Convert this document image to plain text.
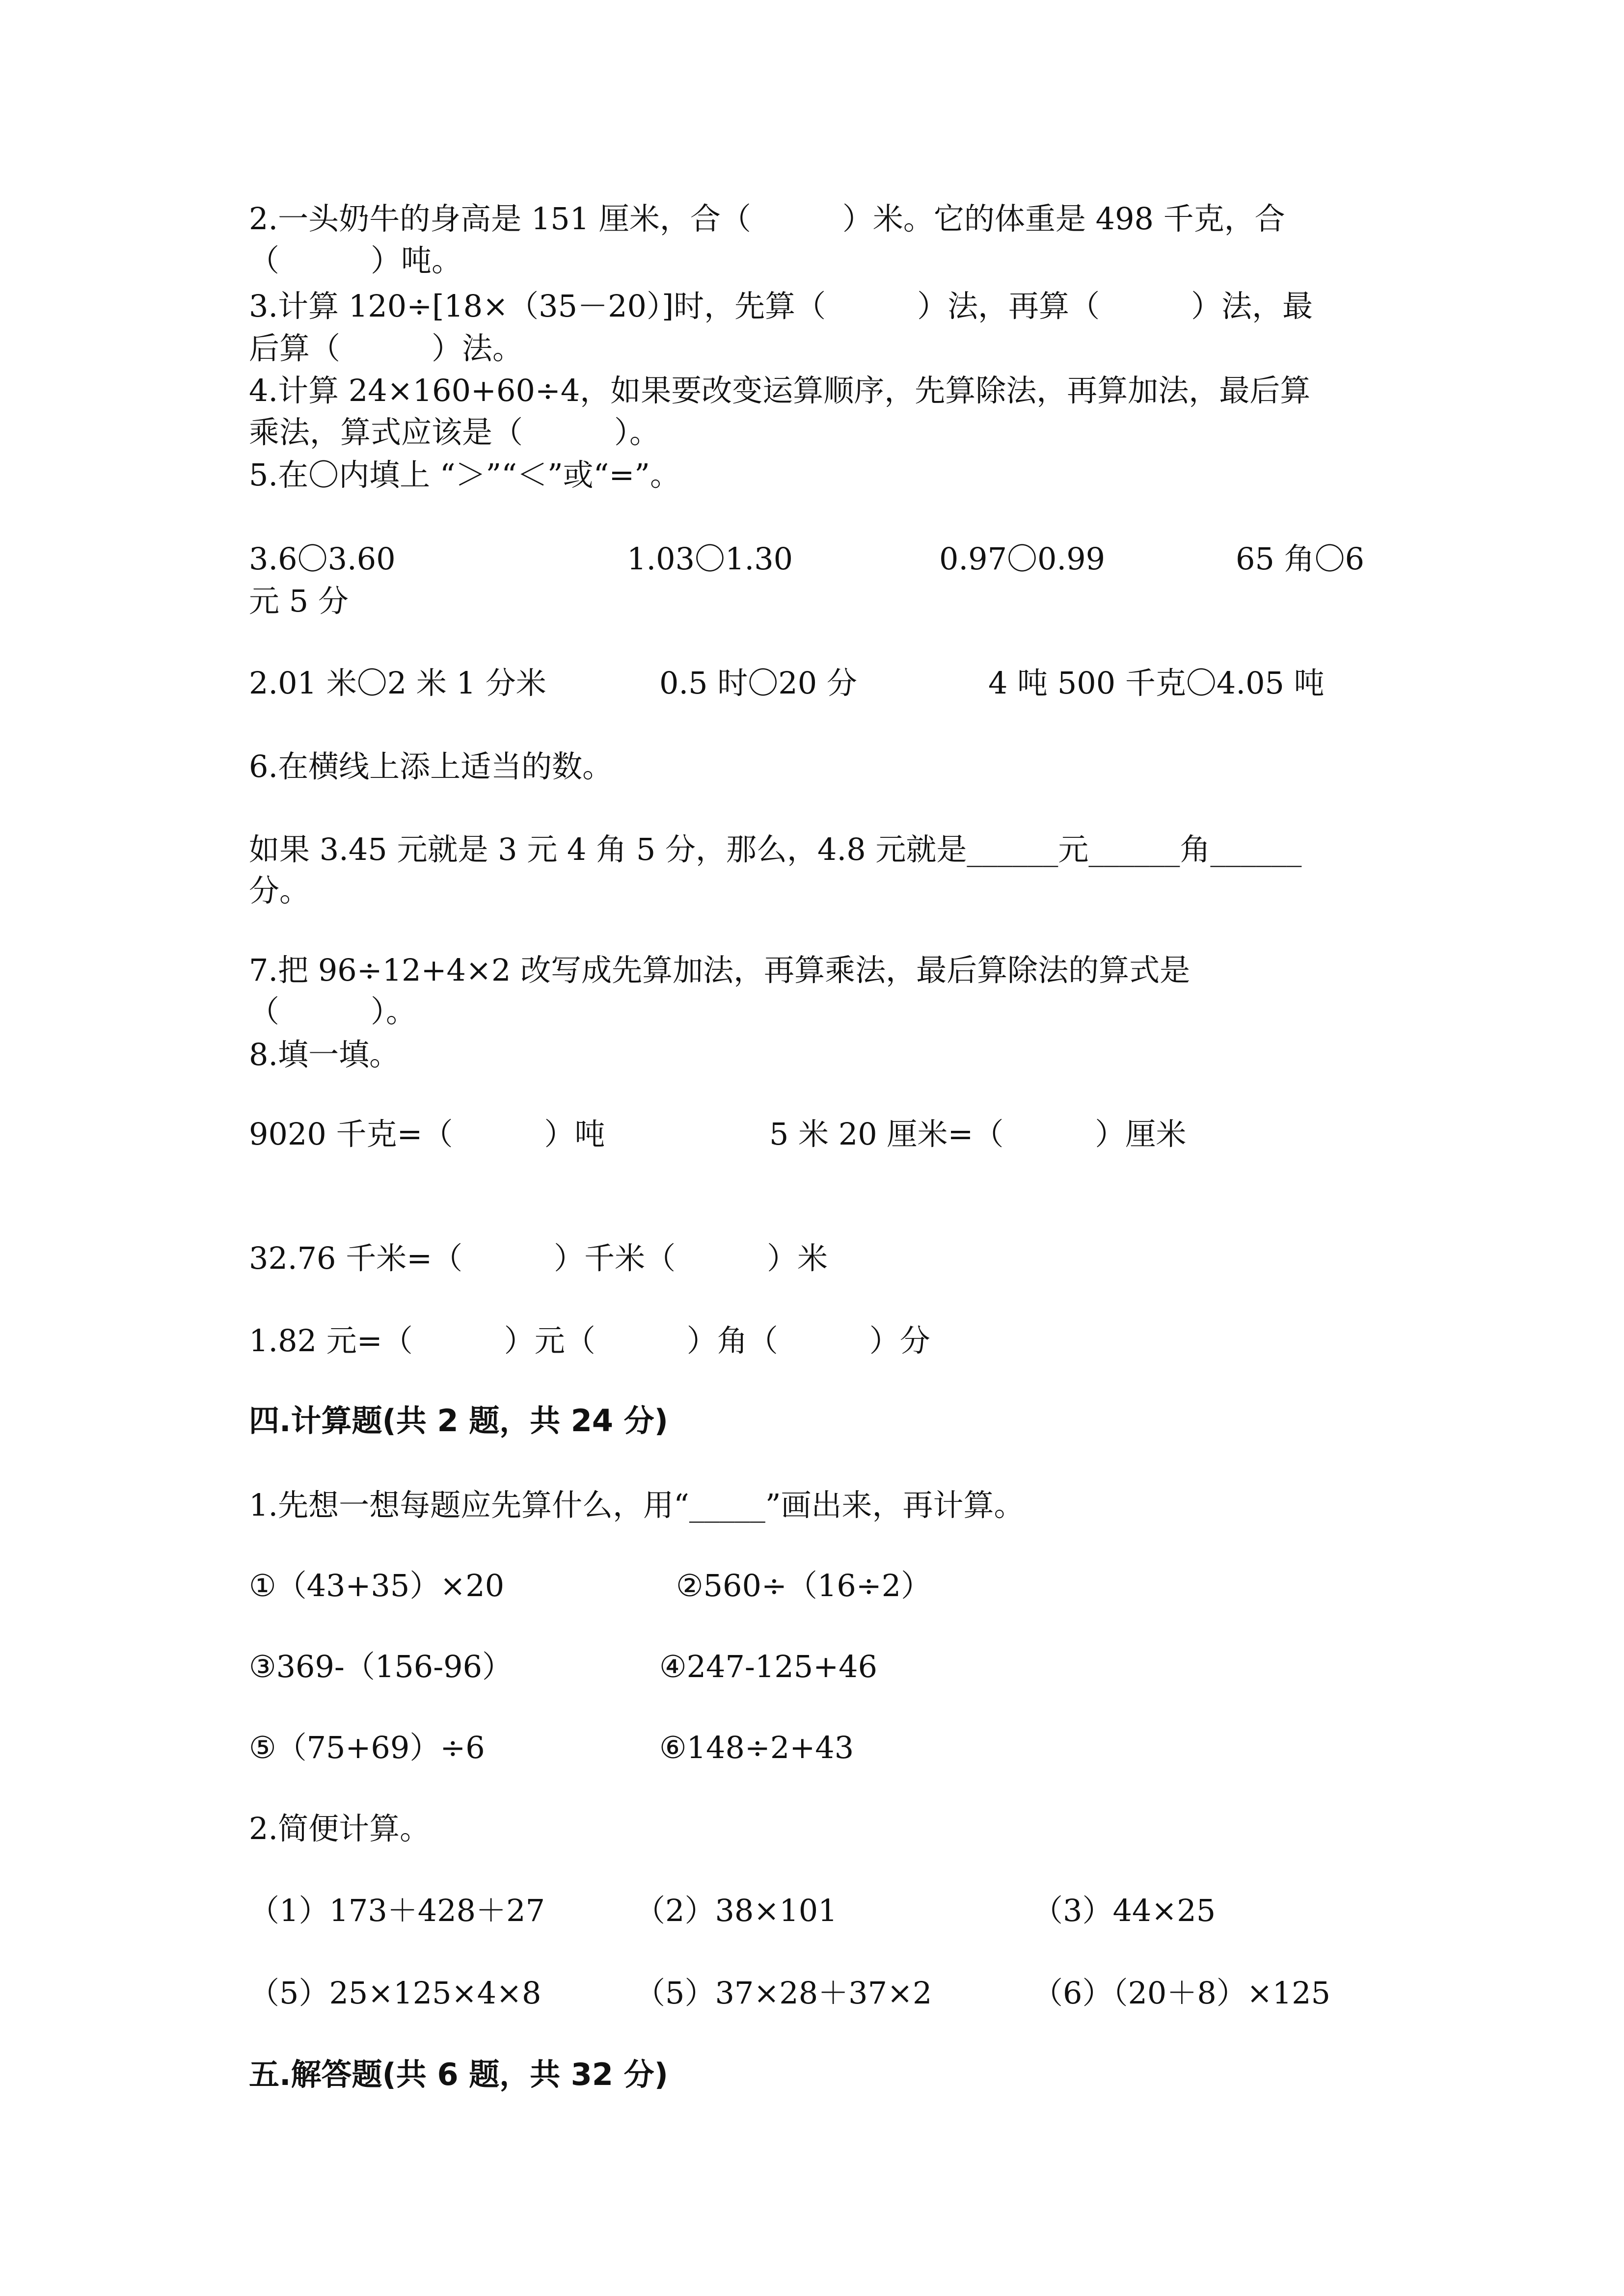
2.一头奶牛的身高是 151 厘米，合（　　　）米。它的体重是 498 千克，合
（　　　）吨。
3.计算 120÷[18×（35－20）]时，先算（　　　）法，再算（　　　）法，最
后算（　　　）法。
4.计算 24×160+60÷4，如果要改变运算顺序，先算除法，再算加法，最后算
乘法，算式应该是（　　　）。
5.在〇内填上 “＞”“＜”或“=”。
3.6〇3.60	1.03〇1.30	0.97〇0.99	65 角〇6
元 5 分
2.01 米〇2 米 1 分米	0.5 时〇20 分	4 吨 500 千克〇4.05 吨
6.在横线上添上适当的数。
如果 3.45 元就是 3 元 4 角 5 分，那么，4.8 元就是______元______角______
分。
7.把 96÷12+4×2 改写成先算加法，再算乘法，最后算除法的算式是
（　　　）。
8.填一填。
9020 千克=（　　　）吨	5 米 20 厘米=（　　　）厘米
32.76 千米=（　　　）千米（　　　）米
1.82 元=（　　　）元（　　　）角（　　　）分
四.计算题(共 2 题，共 24 分)
1.先想一想每题应先算什么，用“_____”画出来，再计算。
①（43+35）×20	②560÷（16÷2）
③369-（156-96）	④247-125+46
⑤（75+69）÷6	⑥148÷2+43
2.简便计算。
（1）173＋428＋27	（2）38×101	（3）44×25
（5）25×125×4×8	（5）37×28＋37×2	（6）（20＋8）×125
五.解答题(共 6 题，共 32 分)
